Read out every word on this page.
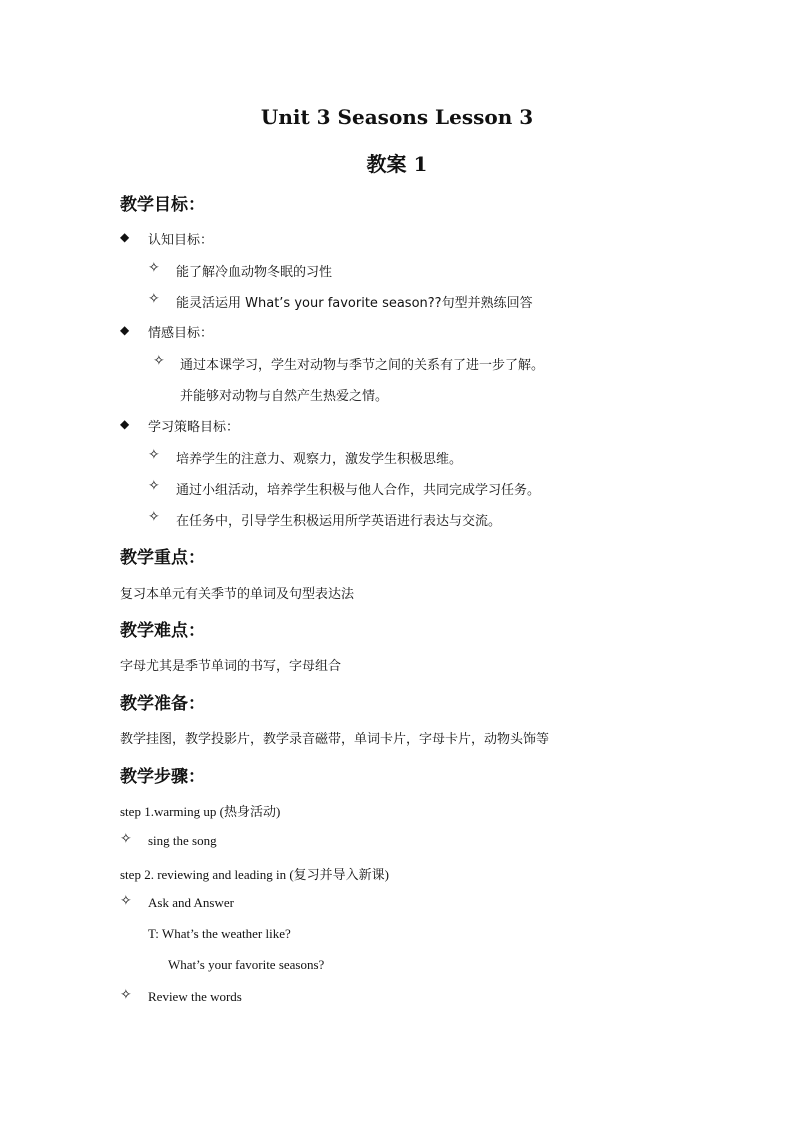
Unit 3 Seasons Lesson 3
教案 1
教学目标：
◆ 认知目标：
✧ 能了解冷血动物冬眠的习性
✧ 能灵活运用 What’s your favorite season??句型并熟练回答
◆ 情感目标：
✧ 通过本课学习，学生对动物与季节之间的关系有了进一步了解。
并能够对动物与自然产生热爱之情。
◆ 学习策略目标：
✧ 培养学生的注意力、观察力，激发学生积极思维。
✧ 通过小组活动，培养学生积极与他人合作，共同完成学习任务。
✧ 在任务中，引导学生积极运用所学英语进行表达与交流。
教学重点：
复习本单元有关季节的单词及句型表达法
教学难点：
字母尤其是季节单词的书写，字母组合
教学准备：
教学挂图，教学投影片，教学录音磁带，单词卡片，字母卡片，动物头饰等
教学步骤：
step 1.warming up (热身活动)
✧ sing the song
step 2. reviewing and leading in (复习并导入新课)
✧ Ask and Answer
T: What’s the weather like?
What’s your favorite seasons?
✧ Review the words
